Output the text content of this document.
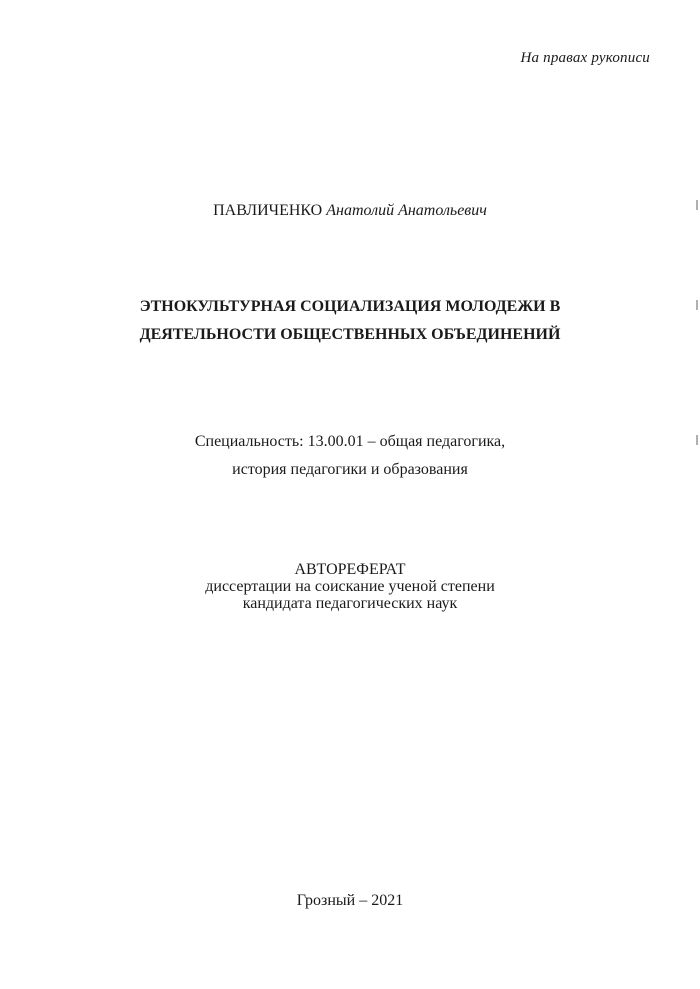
На правах рукописи
ПАВЛИЧЕНКО Анатолий Анатольевич
ЭТНОКУЛЬТУРНАЯ СОЦИАЛИЗАЦИЯ МОЛОДЕЖИ В
ДЕЯТЕЛЬНОСТИ ОБЩЕСТВЕННЫХ ОБЪЕДИНЕНИЙ
Специальность: 13.00.01 – общая педагогика,
история педагогики и образования
АВТОРЕФЕРАТ
диссертации на соискание ученой степени
кандидата педагогических наук
Грозный – 2021
